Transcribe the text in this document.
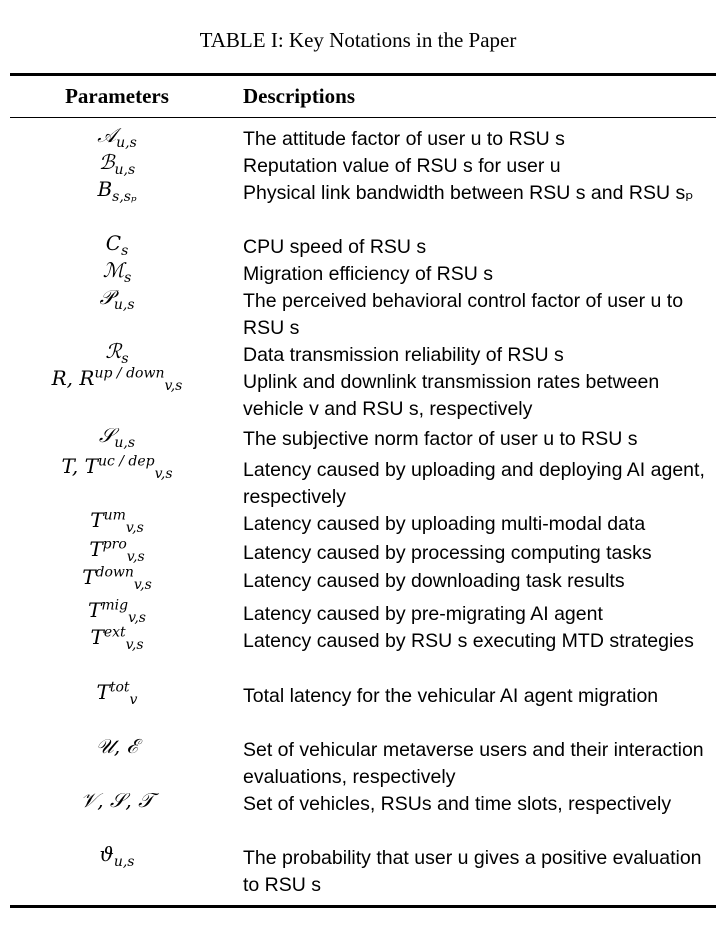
TABLE I: Key Notations in the Paper
Parameters	Descriptions
𝒜$_{u,s}$	The attitude factor of user u to RSU s
ℬ$_{u,s}$	Reputation value of RSU s for user u
$B_{s,s_p}$	Physical link bandwidth between RSU s and RSU sₚ
$C_s$	CPU speed of RSU s
ℳ$_s$	Migration efficiency of RSU s
𝒫$_{u,s}$	The perceived behavioral control factor of user u to RSU s
ℛ$_s$	Data transmission reliability of RSU s
R, $R^{up / down}_{v,s}$	Uplink and downlink transmission rates between vehicle v and RSU s, respectively
𝒮$_{u,s}$	The subjective norm factor of user u to RSU s
T, $T^{uc / dep}_{v,s}$	Latency caused by uploading and deploying AI agent, respectively
$T^{um}_{v,s}$	Latency caused by uploading multi-modal data
$T^{pro}_{v,s}$	Latency caused by processing computing tasks
$T^{down}_{v,s}$	Latency caused by downloading task results
$T^{mig}_{v,s}$	Latency caused by pre-migrating AI agent
$T^{ext}_{v,s}$	Latency caused by RSU s executing MTD strategies
$T^{tot}_v$	Total latency for the vehicular AI agent migration
𝒰, ℰ	Set of vehicular metaverse users and their interaction evaluations, respectively
𝒱, 𝒮, 𝒯	Set of vehicles, RSUs and time slots, respectively
$ϑ_{u,s}$	The probability that user u gives a positive evaluation to RSU s
